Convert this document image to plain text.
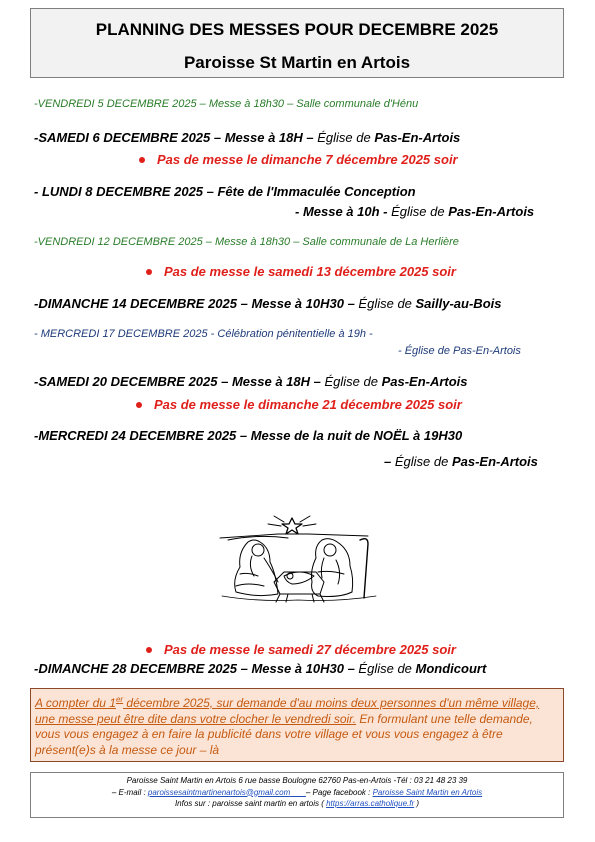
PLANNING DES MESSES POUR DECEMBRE 2025
Paroisse St Martin en Artois
-VENDREDI 5 DECEMBRE 2025 – Messe à 18h30 – Salle communale d'Hénu
-SAMEDI 6 DECEMBRE 2025 – Messe à 18H – Église de Pas-En-Artois
Pas de messe le dimanche 7 décembre 2025 soir
- LUNDI 8 DECEMBRE 2025 – Fête de l'Immaculée Conception
- Messe à 10h - Église de Pas-En-Artois
-VENDREDI 12 DECEMBRE 2025 – Messe à 18h30 – Salle communale de La Herlière
Pas de messe le samedi 13 décembre 2025 soir
-DIMANCHE 14 DECEMBRE 2025 – Messe à 10H30 – Église de Sailly-au-Bois
- MERCREDI 17 DECEMBRE 2025 - Célébration pénitentielle à 19h -
- Église de Pas-En-Artois
-SAMEDI 20 DECEMBRE 2025 – Messe à 18H – Église de Pas-En-Artois
Pas de messe le dimanche 21 décembre 2025 soir
-MERCREDI 24 DECEMBRE 2025 – Messe de la nuit de NOËL à 19H30
– Église de Pas-En-Artois
Pas de messe le samedi 27 décembre 2025 soir
-DIMANCHE 28 DECEMBRE 2025 – Messe à 10H30 – Église de Mondicourt
A compter du 1er décembre 2025, sur demande d'au moins deux personnes d'un même village, une messe peut être dite dans votre clocher le vendredi soir. En formulant une telle demande, vous vous engagez à en faire la publicité dans votre village et vous vous engagez à être présent(e)s à la messe ce jour – là
Paroisse Saint Martin en Artois 6 rue basse Boulogne 62760 Pas-en-Artois -Tél : 03 21 48 23 39
– E-mail : paroissesaintmartinenartois@gmail.com – Page facebook : Paroisse Saint Martin en Artois
Infos sur : paroisse saint martin en artois ( https://arras.catholique.fr )
